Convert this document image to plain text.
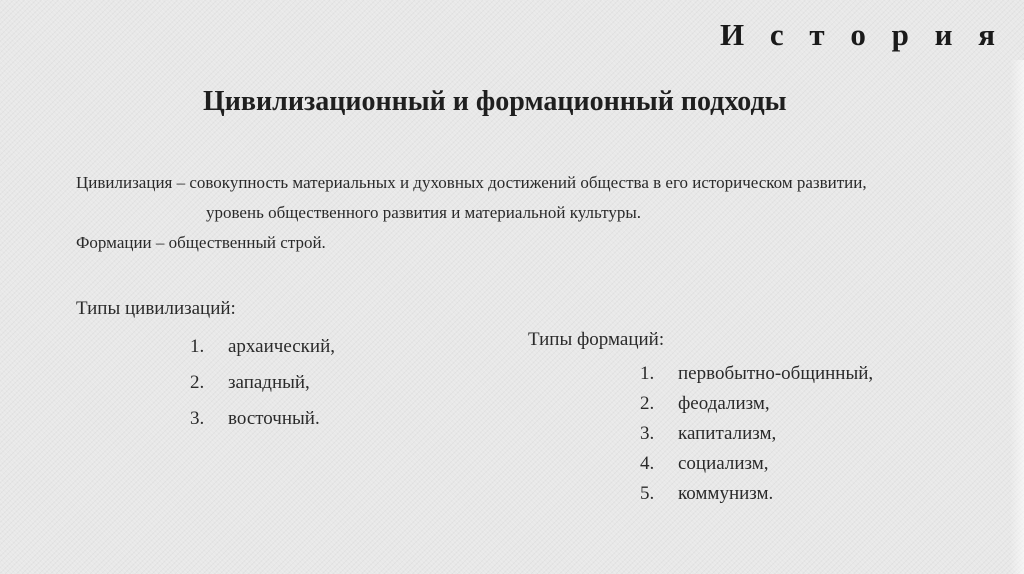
И с т о р и я
Цивилизационный и формационный подходы

Цивилизация – совокупность материальных и духовных достижений общества в его историческом развитии,

уровень общественного развития и материальной культуры.

Формации – общественный строй.

Типы цивилизаций:

1. архаический,
2. западный,
3. восточный.

Типы формаций:

1. первобытно-общинный,
2. феодализм,
3. капитализм,
4. социализм,
5. коммунизм.
